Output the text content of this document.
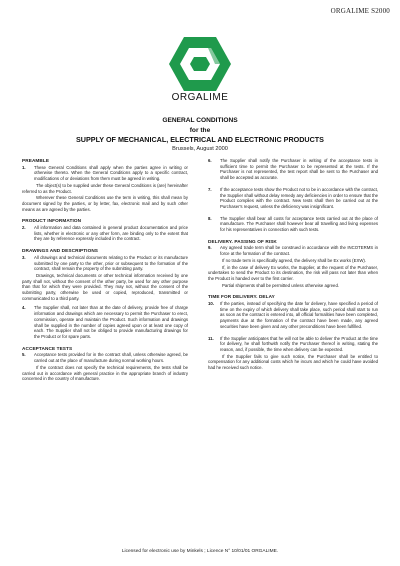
ORGALIME S2000
ORGALIME
GENERAL CONDITIONS
for the
SUPPLY OF MECHANICAL, ELECTRICAL AND ELECTRONIC PRODUCTS
Brussels, August 2000
PREAMBLE
1.	These General Conditions shall apply when the parties agree in writing or otherwise thereto. When the General Conditions apply to a specific contract, modifications of or deviations from them must be agreed in writing.
The object(s) to be supplied under these General Conditions is (are) hereinafter referred to as the Product.
Wherever these General Conditions use the term in writing, this shall mean by document signed by the parties, or by letter, fax, electronic mail and by such other means as are agreed by the parties.
PRODUCT INFORMATION
2.	All information and data contained in general product documentation and price lists, whether in electronic or any other form, are binding only to the extent that they are by reference expressly included in the contract.
DRAWINGS AND DESCRIPTIONS
3.	All drawings and technical documents relating to the Product or its manufacture submitted by one party to the other, prior or subsequent to the formation of the contract, shall remain the property of the submitting party.
Drawings, technical documents or other technical information received by one party shall not, without the consent of the other party, be used for any other purpose than that for which they were provided. They may not, without the consent of the submitting party, otherwise be used or copied, reproduced, transmitted or communicated to a third party.
4.	The Supplier shall, not later than at the date of delivery, provide free of charge information and drawings which are necessary to permit the Purchaser to erect, commission, operate and maintain the Product. Such information and drawings shall be supplied in the number of copies agreed upon or at least one copy of each. The Supplier shall not be obliged to provide manufacturing drawings for the Product or for spare parts.
ACCEPTANCE TESTS
5.	Acceptance tests provided for in the contract shall, unless otherwise agreed, be carried out at the place of manufacture during normal working hours.
If the contract does not specify the technical requirements, the tests shall be carried out in accordance with general practice in the appropriate branch of industry concerned in the country of manufacture.
6.	The Supplier shall notify the Purchaser in writing of the acceptance tests in sufficient time to permit the Purchaser to be represented at the tests. If the Purchaser is not represented, the test report shall be sent to the Purchaser and shall be accepted as accurate.
7.	If the acceptance tests show the Product not to be in accordance with the contract, the Supplier shall without delay remedy any deficiencies in order to ensure that the Product complies with the contract. New tests shall then be carried out at the Purchaser's request, unless the deficiency was insignificant.
8.	The Supplier shall bear all costs for acceptance tests carried out at the place of manufacture. The Purchaser shall however bear all travelling and living expenses for his representatives in connection with such tests.
DELIVERY. PASSING OF RISK
9.	Any agreed trade term shall be construed in accordance with the INCOTERMS in force at the formation of the contract.
If no trade term is specifically agreed, the delivery shall be Ex works (EXW).
If, in the case of delivery Ex works, the Supplier, at the request of the Purchaser, undertakes to send the Product to its destination, the risk will pass not later than when the Product is handed over to the first carrier.
Partial shipments shall be permitted unless otherwise agreed.
TIME FOR DELIVERY. DELAY
10.	If the parties, instead of specifying the date for delivery, have specified a period of time on the expiry of which delivery shall take place, such period shall start to run as soon as the contract is entered into, all official formalities have been completed, payments due at the formation of the contract have been made, any agreed securities have been given and any other preconditions have been fulfilled.
11.	If the Supplier anticipates that he will not be able to deliver the Product at the time for delivery, he shall forthwith notify the Purchaser thereof in writing, stating the reason, and, if possible, the time when delivery can be expected.
If the Supplier fails to give such notice, the Purchaser shall be entitled to compensation for any additional costs which he incurs and which he could have avoided had he received such notice.
Licensed for electronic use by Minkels ; Licence N° 10/01/01 ORGALIME.
